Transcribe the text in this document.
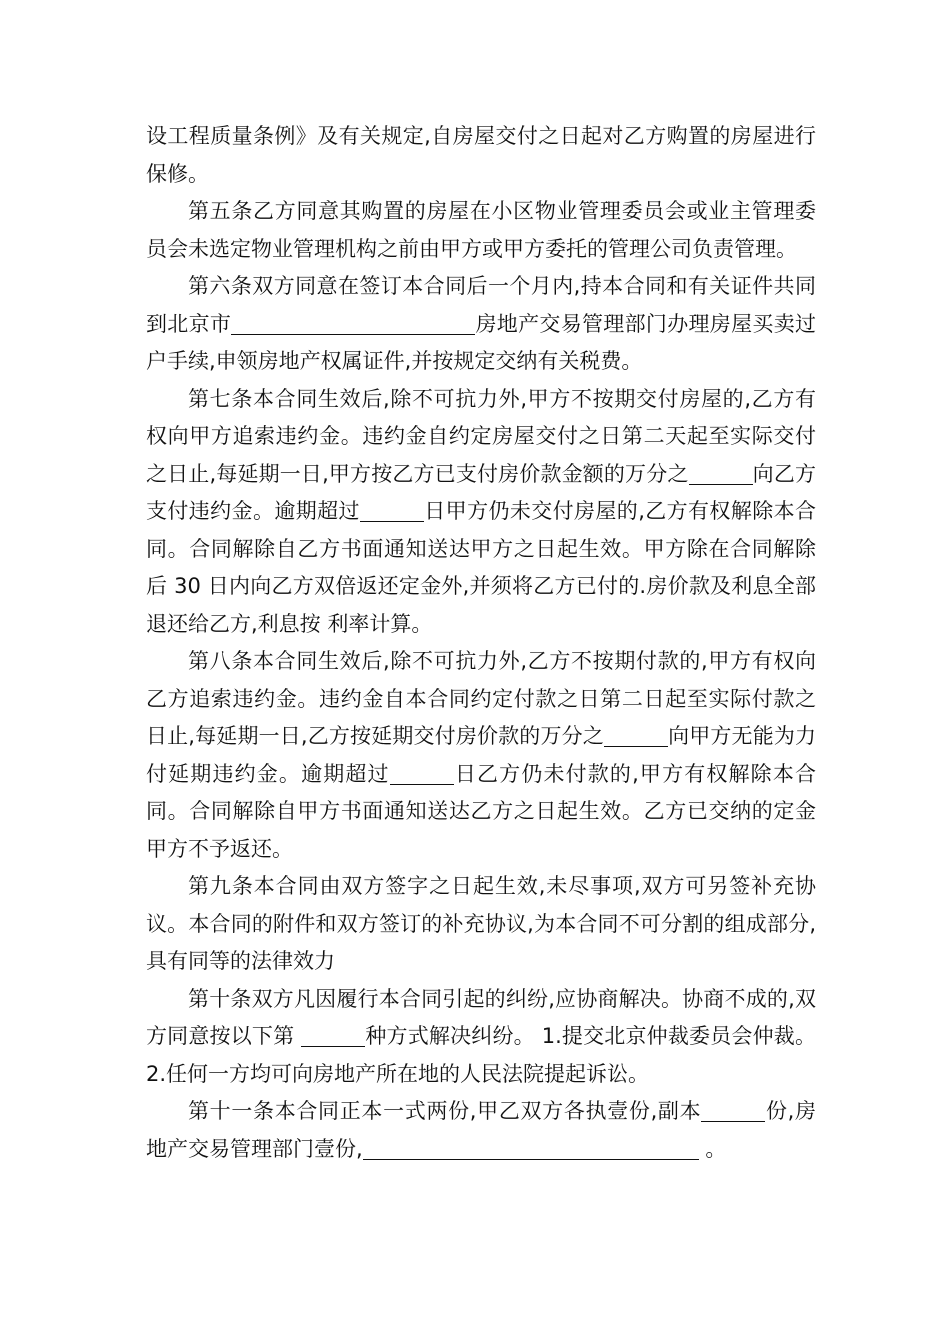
设工程质量条例》及有关规定,自房屋交付之日起对乙方购置的房屋进行保修。

第五条乙方同意其购置的房屋在小区物业管理委员会或业主管理委员会未选定物业管理机构之前由甲方或甲方委托的管理公司负责管理。

第六条双方同意在签订本合同后一个月内,持本合同和有关证件共同到北京市	房地产交易管理部门办理房屋买卖过户手续,申领房地产权属证件,并按规定交纳有关税费。

第七条本合同生效后,除不可抗力外,甲方不按期交付房屋的,乙方有权向甲方追索违约金。违约金自约定房屋交付之日第二天起至实际交付之日止,每延期一日,甲方按乙方已支付房价款金额的万分之	向乙方支付违约金。逾期超过	日甲方仍未交付房屋的,乙方有权解除本合同。合同解除自乙方书面通知送达甲方之日起生效。甲方除在合同解除后 30 日内向乙方双倍返还定金外,并须将乙方已付的.房价款及利息全部退还给乙方,利息按 利率计算。

第八条本合同生效后,除不可抗力外,乙方不按期付款的,甲方有权向乙方追索违约金。违约金自本合同约定付款之日第二日起至实际付款之日止,每延期一日,乙方按延期交付房价款的万分之	向甲方无能为力付延期违约金。逾期超过	日乙方仍未付款的,甲方有权解除本合同。合同解除自甲方书面通知送达乙方之日起生效。乙方已交纳的定金甲方不予返还。

第九条本合同由双方签字之日起生效,未尽事项,双方可另签补充协议。本合同的附件和双方签订的补充协议,为本合同不可分割的组成部分,具有同等的法律效力

第十条双方凡因履行本合同引起的纠纷,应协商解决。协商不成的,双方同意按以下第	种方式解决纠纷。 1.提交北京仲裁委员会仲裁。 2.任何一方均可向房地产所在地的人民法院提起诉讼。

第十一条本合同正本一式两份,甲乙双方各执壹份,副本	份,房地产交易管理部门壹份,	。
